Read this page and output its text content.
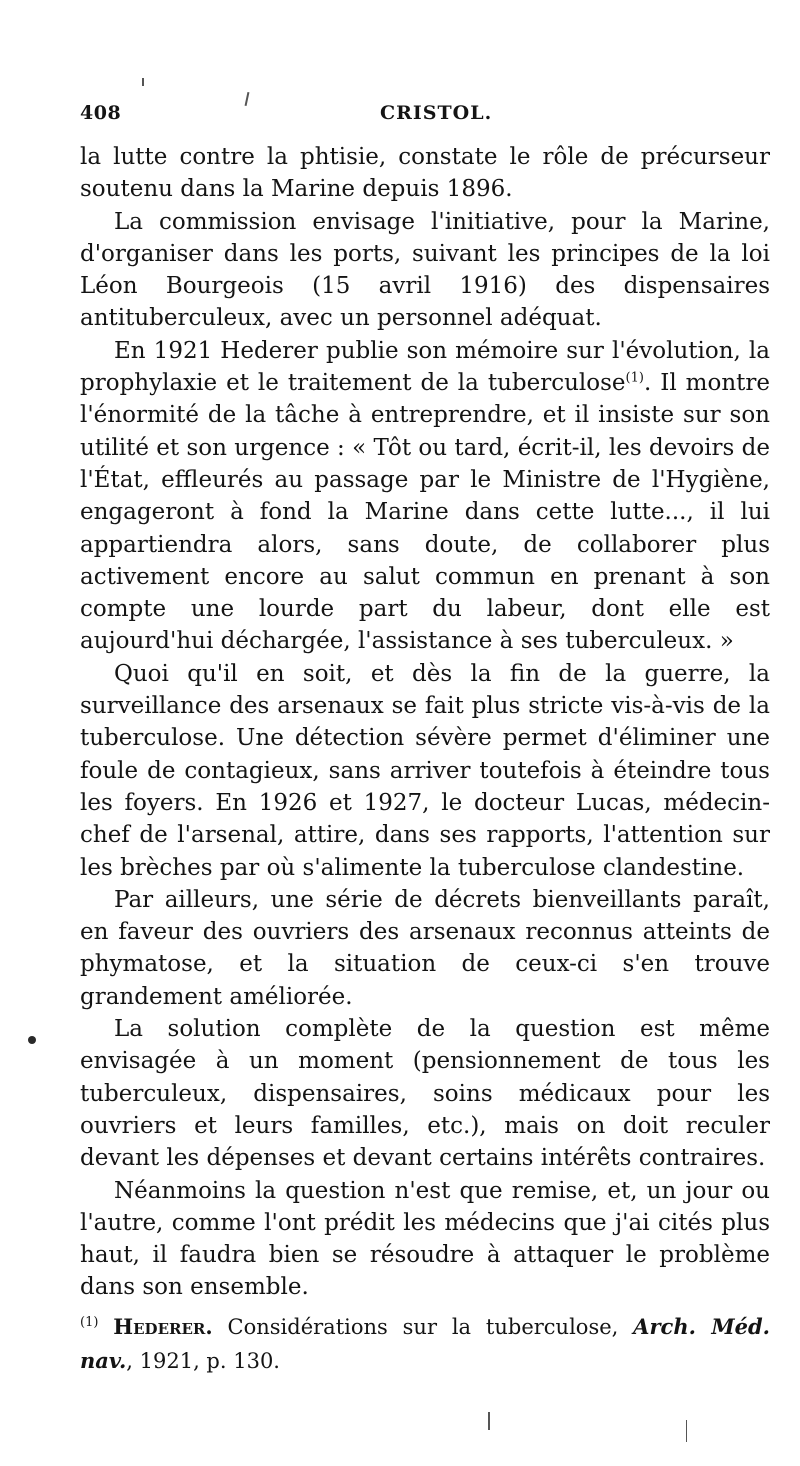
408	CRISTOL.

la lutte contre la phtisie, constate le rôle de précurseur soutenu dans la Marine depuis 1896.

La commission envisage l'initiative, pour la Marine, d'organiser dans les ports, suivant les principes de la loi Léon Bourgeois (15 avril 1916) des dispensaires antituberculeux, avec un personnel adéquat.

En 1921 Hederer publie son mémoire sur l'évolution, la prophylaxie et le traitement de la tuberculose$^{(1)}$. Il montre l'énormité de la tâche à entreprendre, et il insiste sur son utilité et son urgence : « Tôt ou tard, écrit-il, les devoirs de l'État, effleurés au passage par le Ministre de l'Hygiène, engageront à fond la Marine dans cette lutte..., il lui appartiendra alors, sans doute, de collaborer plus activement encore au salut commun en prenant à son compte une lourde part du labeur, dont elle est aujourd'hui déchargée, l'assistance à ses tuberculeux. »

Quoi qu'il en soit, et dès la fin de la guerre, la surveillance des arsenaux se fait plus stricte vis-à-vis de la tuberculose. Une détection sévère permet d'éliminer une foule de contagieux, sans arriver toutefois à éteindre tous les foyers. En 1926 et 1927, le docteur Lucas, médecin-chef de l'arsenal, attire, dans ses rapports, l'attention sur les brèches par où s'alimente la tuberculose clandestine.

Par ailleurs, une série de décrets bienveillants paraît, en faveur des ouvriers des arsenaux reconnus atteints de phymatose, et la situation de ceux-ci s'en trouve grandement améliorée.

La solution complète de la question est même envisagée à un moment (pensionnement de tous les tuberculeux, dispensaires, soins médicaux pour les ouvriers et leurs familles, etc.), mais on doit reculer devant les dépenses et devant certains intérêts contraires.

Néanmoins la question n'est que remise, et, un jour ou l'autre, comme l'ont prédit les médecins que j'ai cités plus haut, il faudra bien se résoudre à attaquer le problème dans son ensemble.

$^{(1)}$ Hederer. Considérations sur la tuberculose, Arch. Méd. nav., 1921, p. 130.
